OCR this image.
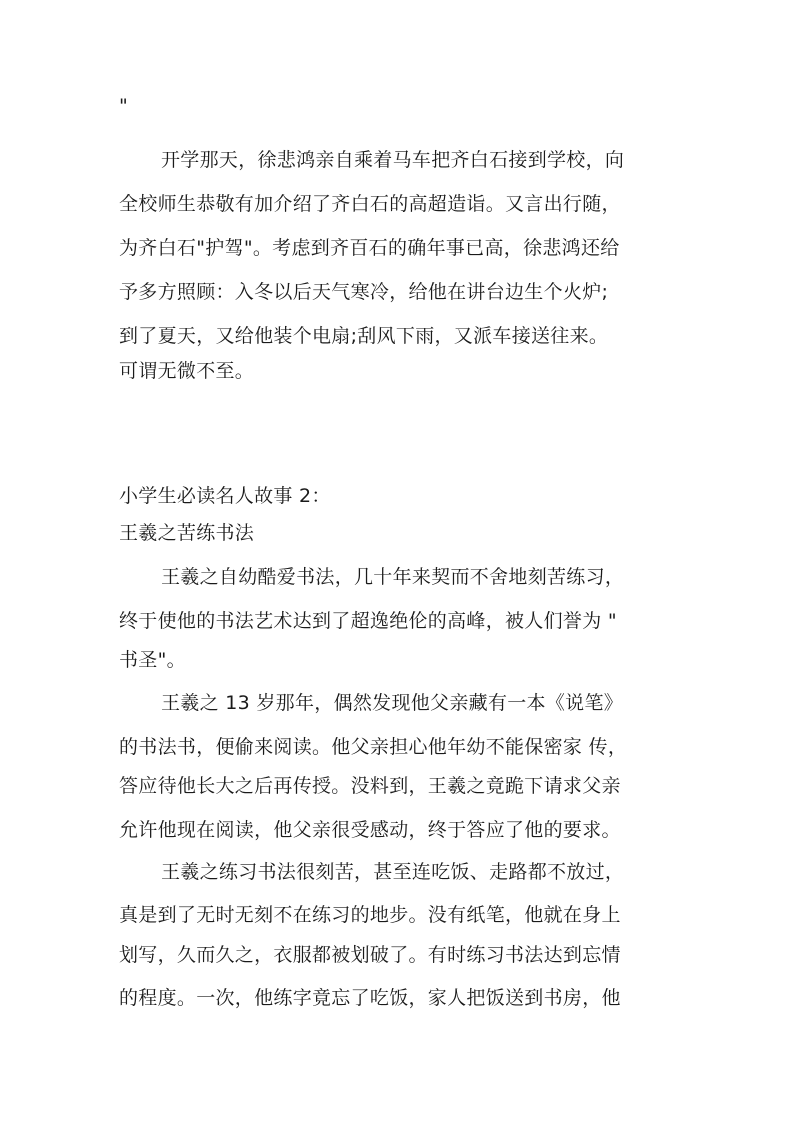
"
开学那天，徐悲鸿亲自乘着马车把齐白石接到学校，向
全校师生恭敬有加介绍了齐白石的高超造诣。又言出行随，
为齐白石"护驾"。考虑到齐百石的确年事已高，徐悲鸿还给
予多方照顾：入冬以后天气寒冷，给他在讲台边生个火炉;
到了夏天，又给他装个电扇;刮风下雨，又派车接送往来。
可谓无微不至。
小学生必读名人故事 2：
王羲之苦练书法
王羲之自幼酷爱书法，几十年来契而不舍地刻苦练习，
终于使他的书法艺术达到了超逸绝伦的高峰，被人们誉为 "
书圣"。
王羲之 13 岁那年，偶然发现他父亲藏有一本《说笔》
的书法书，便偷来阅读。他父亲担心他年幼不能保密家 传，
答应待他长大之后再传授。没料到，王羲之竟跪下请求父亲
允许他现在阅读，他父亲很受感动，终于答应了他的要求。
王羲之练习书法很刻苦，甚至连吃饭、走路都不放过，
真是到了无时无刻不在练习的地步。没有纸笔，他就在身上
划写，久而久之，衣服都被划破了。有时练习书法达到忘情
的程度。一次，他练字竟忘了吃饭，家人把饭送到书房，他
